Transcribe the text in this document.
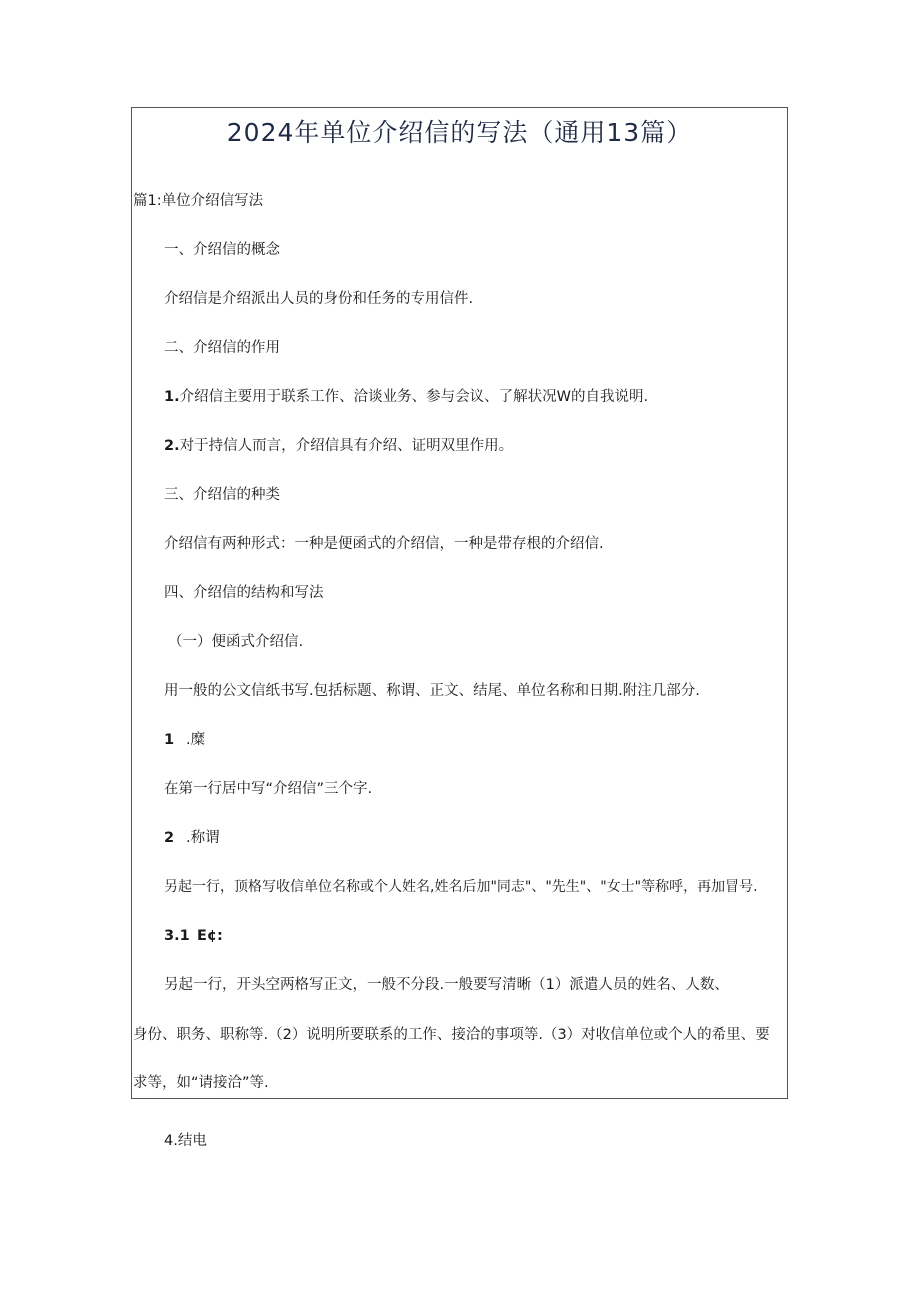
2024年单位介绍信的写法（通用13篇）
篇1:单位介绍信写法
一、介绍信的概念
介绍信是介绍派出人员的身份和任务的专用信件.
二、介绍信的作用
1.介绍信主要用于联系工作、洽谈业务、参与会议、了解状况W的自我说明.
2.对于持信人而言，介绍信具有介绍、证明双里作用。
三、介绍信的种类
介绍信有两种形式：一种是便函式的介绍信，一种是带存根的介绍信.
四、介绍信的结构和写法
（一）便函式介绍信.
用一般的公文信纸书写.包括标题、称谓、正文、结尾、单位名称和日期.附注几部分.
1 .糜
在第一行居中写“介绍信”三个字.
2 .称谓
另起一行，顶格写收信单位名称或个人姓名,姓名后加"同志"、"先生"、"女士"等称呼，再加冒号.
3.1 E¢:
另起一行，开头空两格写正文，一般不分段.一般要写清晰（1）派遣人员的姓名、人数、
身份、职务、职称等.（2）说明所要联系的工作、接洽的事项等.（3）对收信单位或个人的希里、要
求等，如“请接洽”等.
4.结电
